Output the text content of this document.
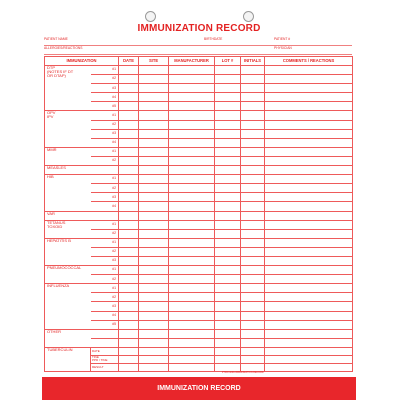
IMMUNIZATION RECORD
PATIENT NAME	BIRTHDATE	PATIENT #
ALLERGIES/REACTIONS	PHYSICIAN
IMMUNIZATION		DATE	SITE	MANUFACTURER	LOT #	INITIALS	COMMENTS / REACTIONS
DTP
(NOTES IF DT
OR DTAP)	#1						
	#2						
	#3						
	#4						
	#5						
OPV
IPV	#1						
	#2						
	#3						
	#4						
MMR	#1						
	#2						
MEASLES							
HIB	#1						
	#2						
	#3						
	#4						
VAR							
TETANUS
TOXOID	#1						
	#2						
HEPATITIS B	#1						
	#2						
	#3						
PNEUMOCOCCAL	#1						
	#2						
INFLUENZA	#1						
	#2						
	#3						
	#4						
	#5						
OTHER							

TUBERCULIN	DATE						
	TINE
PPD / TINE						
	RESULT						
PTRN 4000-IMMUNIZATION RECORD
IMMUNIZATION RECORD
